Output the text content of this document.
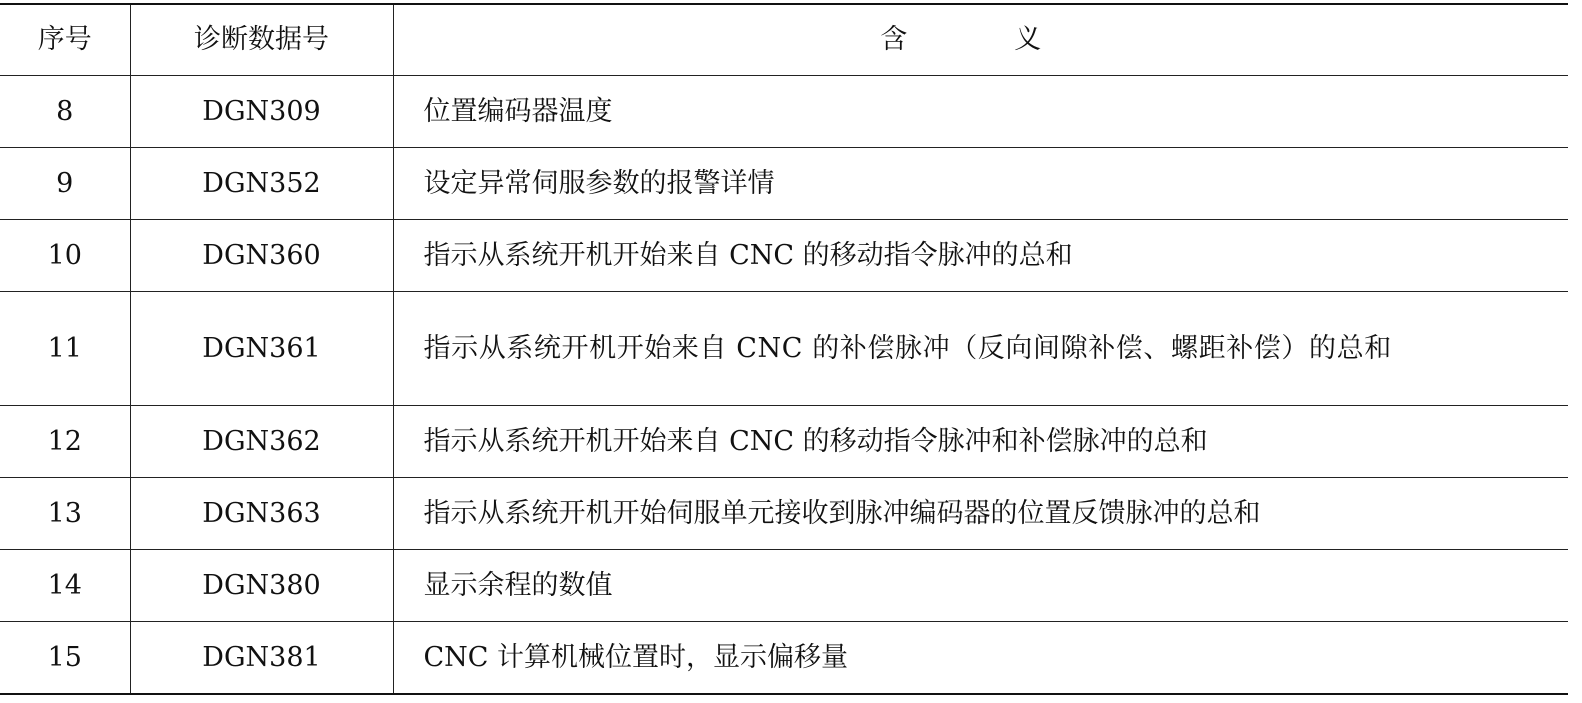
序号	诊断数据号	含　义
8	DGN309	位置编码器温度

9	DGN352	设定异常伺服参数的报警详情

10	DGN360	指示从系统开机开始来自 CNC 的移动指令脉冲的总和

11	DGN361	指示从系统开机开始来自 CNC 的补偿脉冲（反向间隙补偿、螺距补偿）的总和

12	DGN362	指示从系统开机开始来自 CNC 的移动指令脉冲和补偿脉冲的总和

13	DGN363	指示从系统开机开始伺服单元接收到脉冲编码器的位置反馈脉冲的总和

14	DGN380	显示余程的数值

15	DGN381	CNC 计算机械位置时，显示偏移量
